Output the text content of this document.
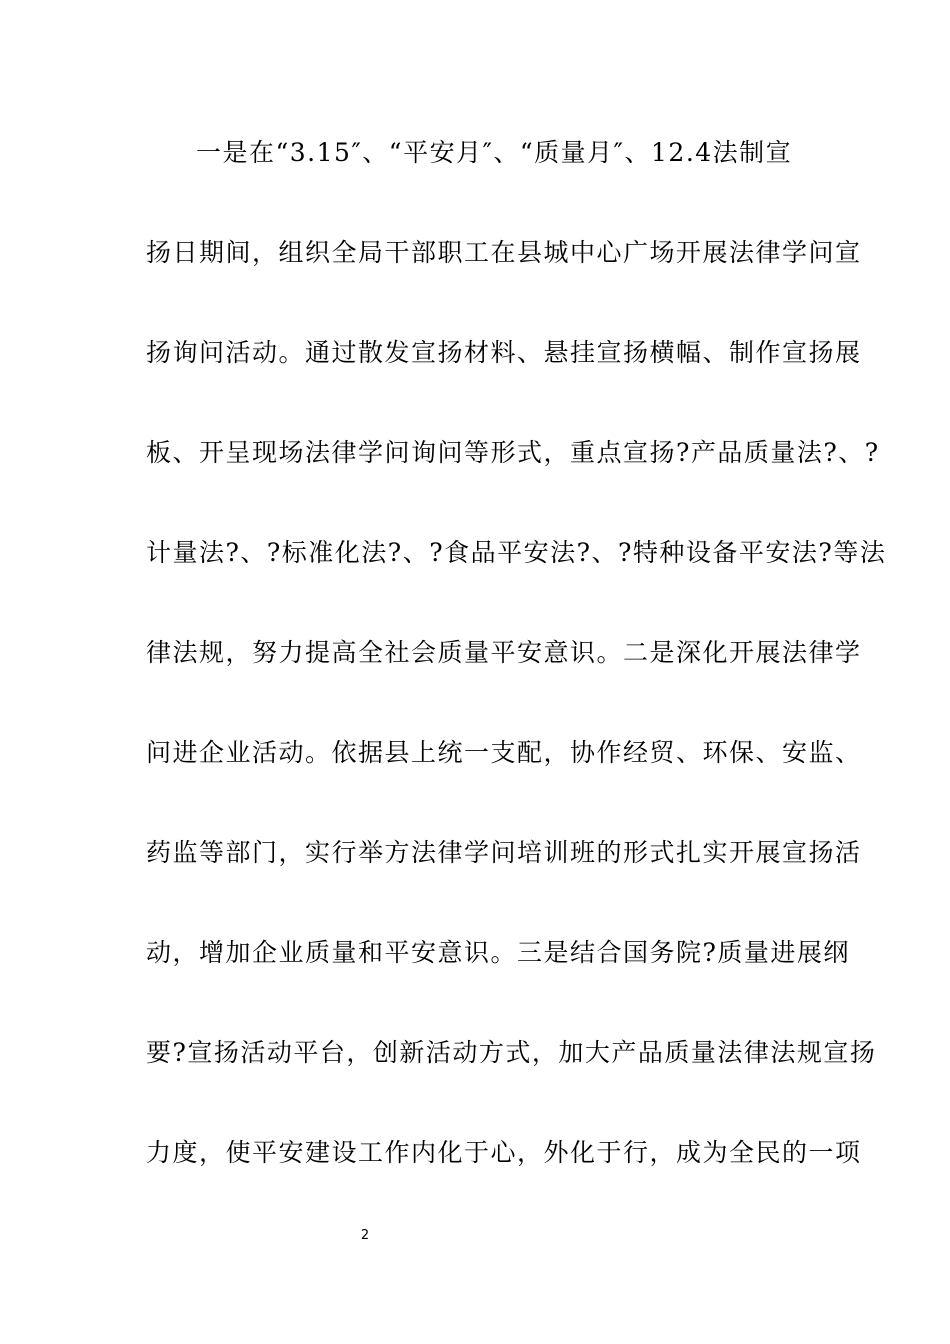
一是在“3.15″、“平安月″、“质量月″、12.4法制宣
扬日期间，组织全局干部职工在县城中心广场开展法律学问宣
扬询问活动。通过散发宣扬材料、悬挂宣扬横幅、制作宣扬展
板、开呈现场法律学问询问等形式，重点宣扬?产品质量法?、?
计量法?、?标准化法?、?食品平安法?、?特种设备平安法?等法
律法规，努力提高全社会质量平安意识。二是深化开展法律学
问进企业活动。依据县上统一支配，协作经贸、环保、安监、
药监等部门，实行举方法律学问培训班的形式扎实开展宣扬活
动，增加企业质量和平安意识。三是结合国务院?质量进展纲
要?宣扬活动平台，创新活动方式，加大产品质量法律法规宣扬
力度，使平安建设工作内化于心，外化于行，成为全民的一项
2
